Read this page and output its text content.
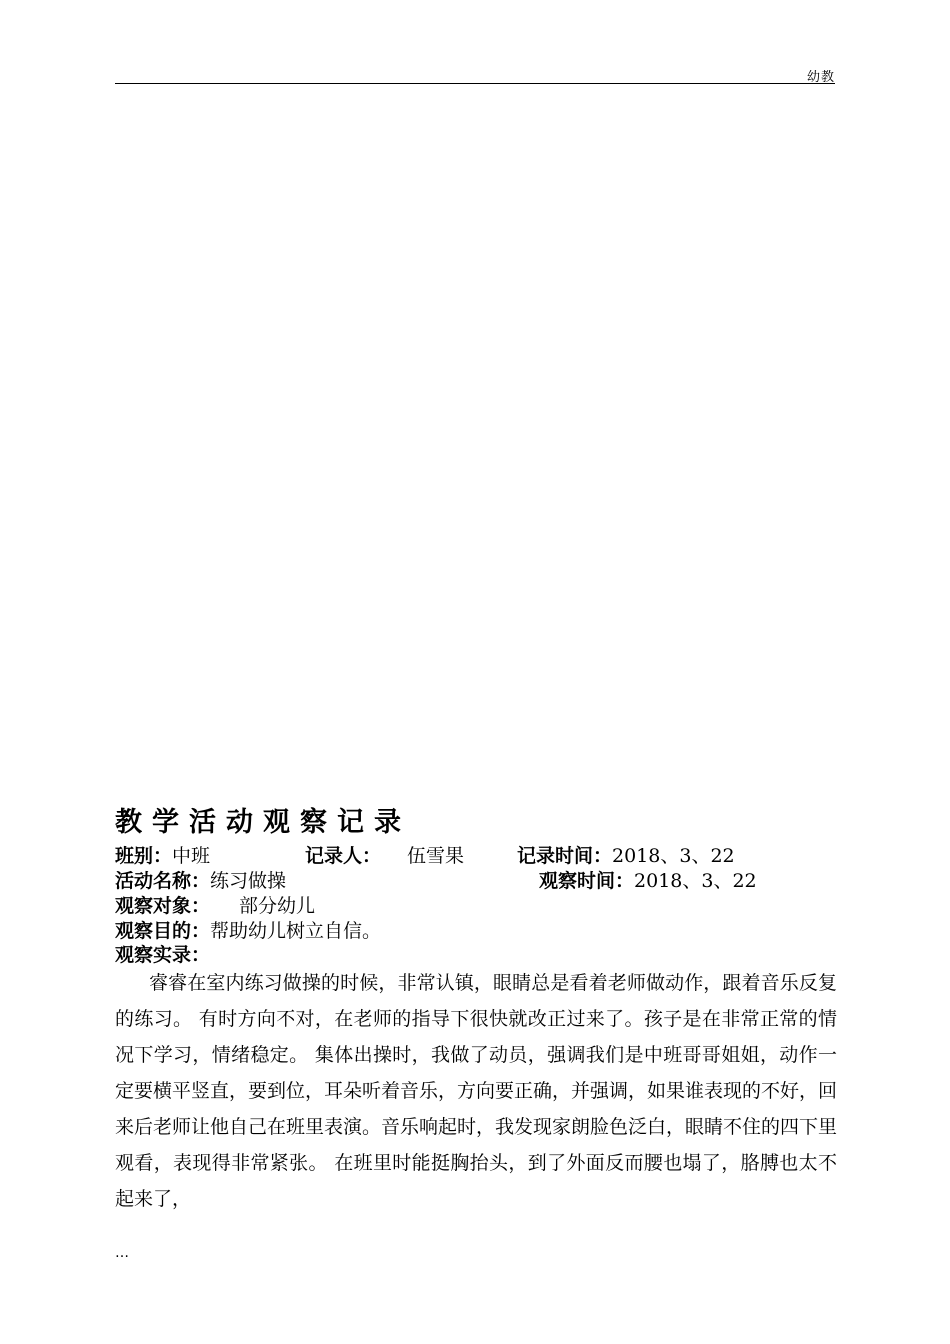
幼教
教学活动观察记录
班别：中班	记录人： 伍雪果	记录时间：2018、3、22
活动名称：练习做操	观察时间：2018、3、22
观察对象： 部分幼儿
观察目的：帮助幼儿树立自信。
观察实录：

睿睿在室内练习做操的时候，非常认镇，眼睛总是看着老师做动作，跟着音乐反复的练习。 有时方向不对，在老师的指导下很快就改正过来了。孩子是在非常正常的情况下学习，情绪稳定。 集体出操时，我做了动员，强调我们是中班哥哥姐姐，动作一定要横平竖直，要到位，耳朵听着音乐，方向要正确，并强调，如果谁表现的不好，回来后老师让他自己在班里表演。音乐响起时，我发现家朗脸色泛白，眼睛不住的四下里观看，表现得非常紧张。 在班里时能挺胸抬头，到了外面反而腰也塌了，胳膊也太不起来了，

…
